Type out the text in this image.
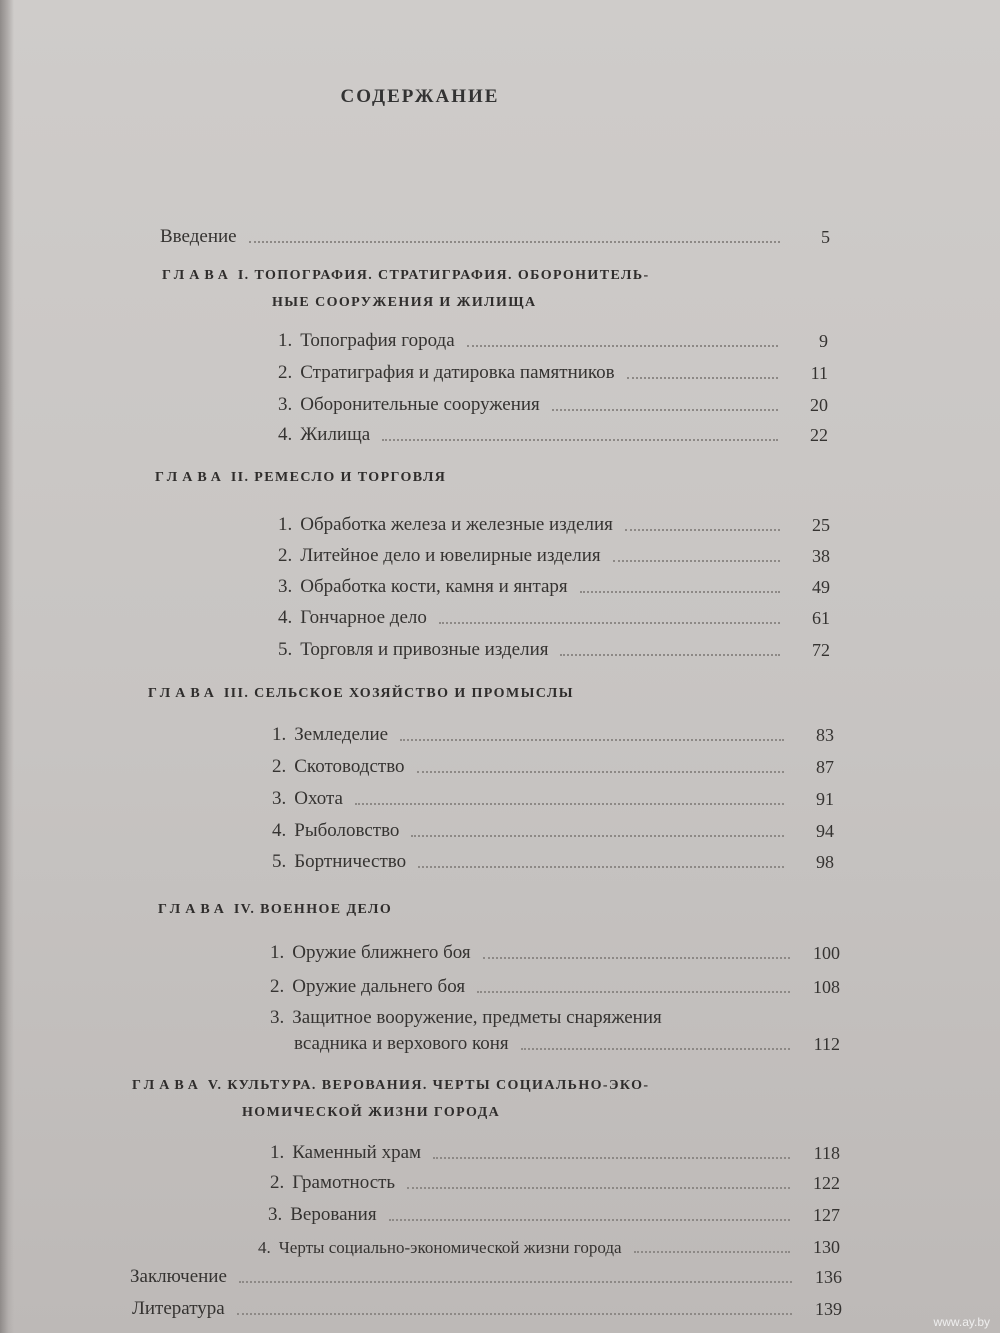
СОДЕРЖАНИЕ
Введение	5
ГЛАВА I. ТОПОГРАФИЯ. СТРАТИГРАФИЯ. ОБОРОНИТЕЛЬ-
НЫЕ СООРУЖЕНИЯ И ЖИЛИЩА
1. Топография города	9
2. Стратиграфия и датировка памятников	11
3. Оборонительные сооружения	20
4. Жилища	22
ГЛАВА II. РЕМЕСЛО И ТОРГОВЛЯ
1. Обработка железа и железные изделия	25
2. Литейное дело и ювелирные изделия	38
3. Обработка кости, камня и янтаря	49
4. Гончарное дело	61
5. Торговля и привозные изделия	72
ГЛАВА III. СЕЛЬСКОЕ ХОЗЯЙСТВО И ПРОМЫСЛЫ
1. Земледелие	83
2. Скотоводство	87
3. Охота	91
4. Рыболовство	94
5. Бортничество	98
ГЛАВА IV. ВОЕННОЕ ДЕЛО
1. Оружие ближнего боя	100
2. Оружие дальнего боя	108
3. Защитное вооружение, предметы снаряжения
всадника и верхового коня	112
ГЛАВА V. КУЛЬТУРА. ВЕРОВАНИЯ. ЧЕРТЫ СОЦИАЛЬНО-ЭКО-
НОМИЧЕСКОЙ ЖИЗНИ ГОРОДА
1. Каменный храм	118
2. Грамотность	122
3. Верования	127
4. Черты социально-экономической жизни города	130
Заключение	136
Литература	139
www.ay.by
